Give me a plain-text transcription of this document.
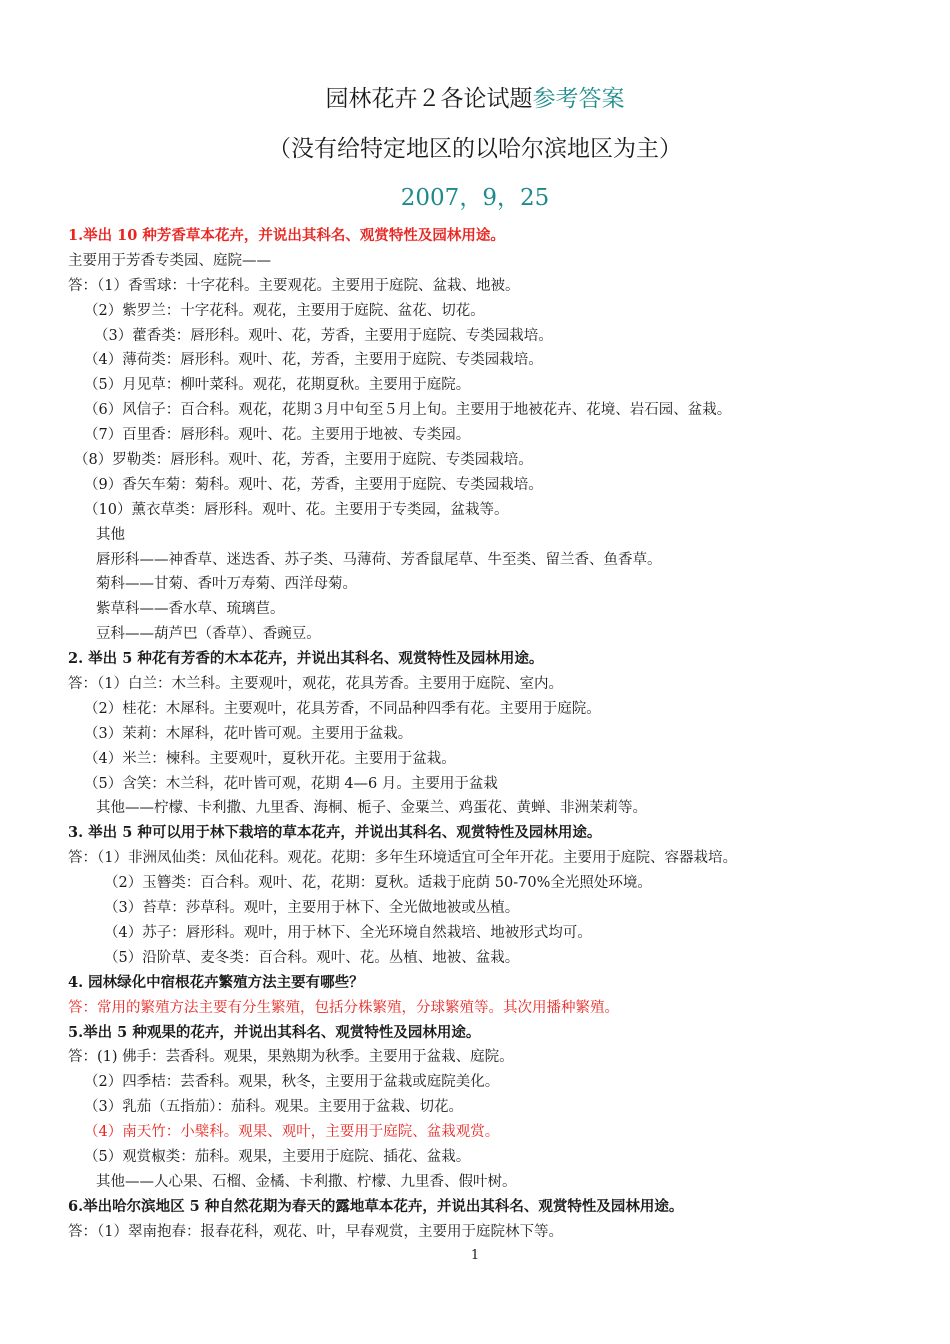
园林花卉２各论试题参考答案
（没有给特定地区的以哈尔滨地区为主）
2007，9，25
1.举出 10 种芳香草本花卉，并说出其科名、观赏特性及园林用途。
主要用于芳香专类园、庭院——
答：（1）香雪球：十字花科。主要观花。主要用于庭院、盆栽、地被。
（2）紫罗兰：十字花科。观花，主要用于庭院、盆花、切花。
（3）藿香类：唇形科。观叶、花，芳香，主要用于庭院、专类园栽培。
（4）薄荷类：唇形科。观叶、花，芳香，主要用于庭院、专类园栽培。
（5）月见草：柳叶菜科。观花，花期夏秋。主要用于庭院。
（6）风信子：百合科。观花，花期３月中旬至５月上旬。主要用于地被花卉、花境、岩石园、盆栽。
（7）百里香：唇形科。观叶、花。主要用于地被、专类园。
（8）罗勒类：唇形科。观叶、花，芳香，主要用于庭院、专类园栽培。
（9）香矢车菊：菊科。观叶、花，芳香，主要用于庭院、专类园栽培。
（10）薰衣草类：唇形科。观叶、花。主要用于专类园，盆栽等。
其他
唇形科——神香草、迷迭香、苏子类、马薄荷、芳香鼠尾草、牛至类、留兰香、鱼香草。
菊科——甘菊、香叶万寿菊、西洋母菊。
紫草科——香水草、琉璃苣。
豆科——葫芦巴（香草）、香豌豆。
2. 举出 5 种花有芳香的木本花卉，并说出其科名、观赏特性及园林用途。
答：（1）白兰：木兰科。主要观叶，观花，花具芳香。主要用于庭院、室内。
（2）桂花：木犀科。主要观叶，花具芳香，不同品种四季有花。主要用于庭院。
（3）茉莉：木犀科，花叶皆可观。主要用于盆栽。
（4）米兰：楝科。主要观叶，夏秋开花。主要用于盆栽。
（5）含笑：木兰科，花叶皆可观，花期 4—6 月。主要用于盆栽
其他——柠檬、卡利撒、九里香、海桐、栀子、金粟兰、鸡蛋花、黄蝉、非洲茉莉等。
3. 举出 5 种可以用于林下栽培的草本花卉，并说出其科名、观赏特性及园林用途。
答：（1）非洲凤仙类：凤仙花科。观花。花期：多年生环境适宜可全年开花。主要用于庭院、容器栽培。
（2）玉簪类：百合科。观叶、花，花期：夏秋。适栽于庇荫 50-70%全光照处环境。
（3）苔草：莎草科。观叶，主要用于林下、全光做地被或丛植。
（4）苏子：唇形科。观叶，用于林下、全光环境自然栽培、地被形式均可。
（5）沿阶草、麦冬类：百合科。观叶、花。丛植、地被、盆栽。
4. 园林绿化中宿根花卉繁殖方法主要有哪些？
答：常用的繁殖方法主要有分生繁殖，包括分株繁殖，分球繁殖等。其次用播种繁殖。
5.举出 5 种观果的花卉，并说出其科名、观赏特性及园林用途。
答：(1) 佛手：芸香科。观果，果熟期为秋季。主要用于盆栽、庭院。
（2）四季桔：芸香科。观果，秋冬，主要用于盆栽或庭院美化。
（3）乳茄（五指茄）：茄科。观果。主要用于盆栽、切花。
（4）南天竹：小檗科。观果、观叶，主要用于庭院、盆栽观赏。
（5）观赏椒类：茄科。观果，主要用于庭院、插花、盆栽。
其他——人心果、石榴、金橘、卡利撒、柠檬、九里香、假叶树。
6.举出哈尔滨地区 5 种自然花期为春天的露地草本花卉，并说出其科名、观赏特性及园林用途。
答：（1）翠南抱春：报春花科，观花、叶，早春观赏，主要用于庭院林下等。
1
